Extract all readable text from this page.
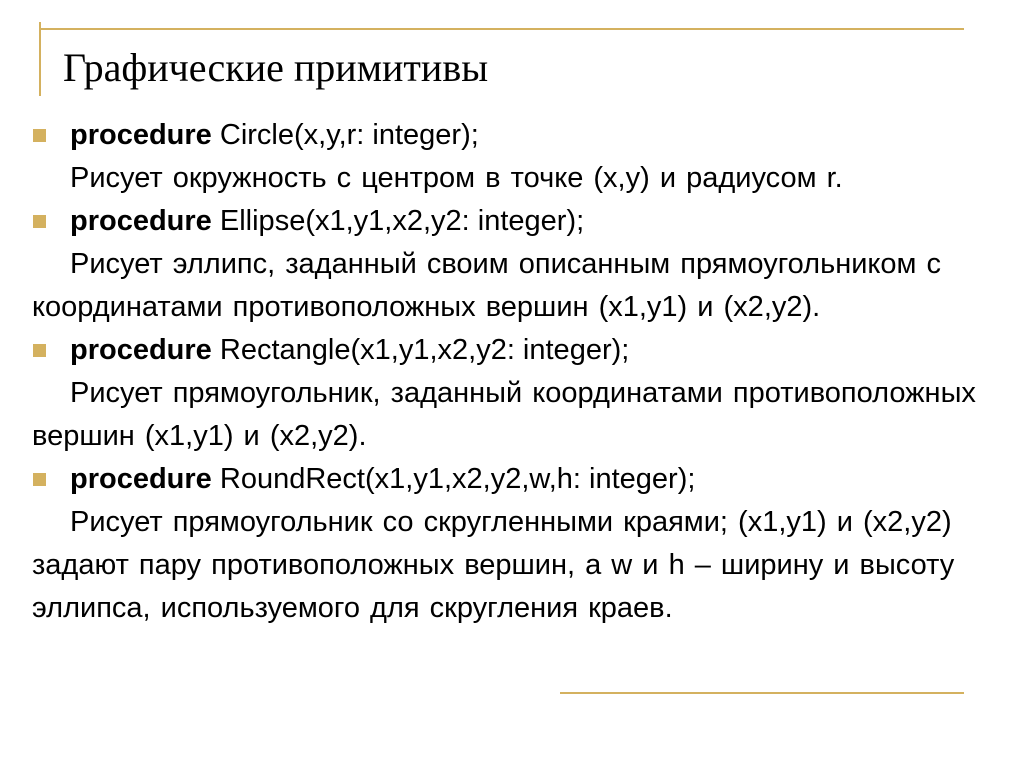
Графические примитивы

procedure Circle(x,y,r: integer);

Рисует окружность с центром в точке (x,y) и радиусом r.

procedure Ellipse(x1,y1,x2,y2: integer);

Рисует эллипс, заданный своим описанным прямоугольником с координатами противоположных вершин (x1,y1) и (x2,y2).

procedure Rectangle(x1,y1,x2,y2: integer);

Рисует прямоугольник, заданный координатами противоположных вершин (x1,y1) и (x2,y2).

procedure RoundRect(x1,y1,x2,y2,w,h: integer);

Рисует прямоугольник со скругленными краями; (x1,y1) и (x2,y2) задают пару противоположных вершин, а w и h – ширину и высоту эллипса, используемого для скругления краев.
